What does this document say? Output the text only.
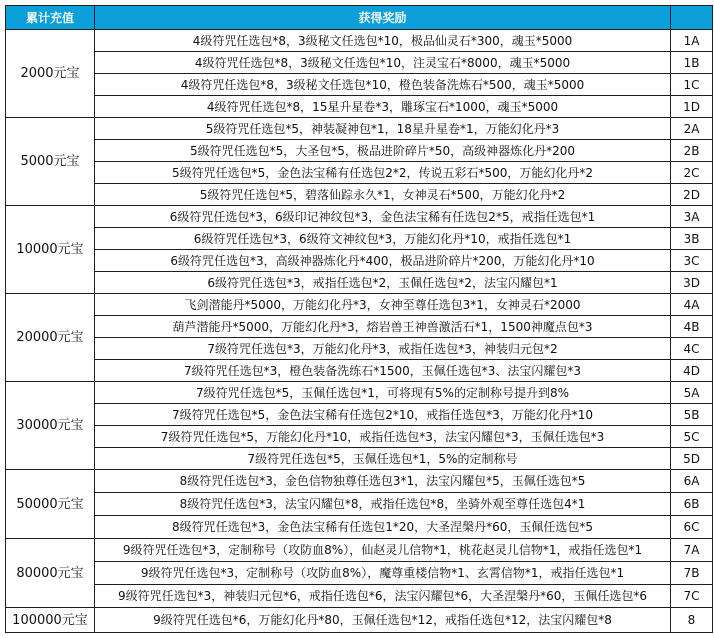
累计充值	获得奖励	
2000元宝	4级符咒任选包*8，3级秘文任选包*10，极品仙灵石*300，魂玉*5000	1A
	4级符咒任选包*8，3级秘文任选包*10，注灵宝石*8000，魂玉*5000	1B
	4级符咒任选包*8，3级秘文任选包*10，橙色装备洗炼石*500，魂玉*5000	1C
	4级符咒任选包*8，15星升星卷*3，雕琢宝石*1000，魂玉*5000	1D
5000元宝	5级符咒任选包*5，神装凝神包*1，18星升星卷*1，万能幻化丹*3	2A
	5级符咒任选包*5，大圣包*5，极品进阶碎片*50，高级神器炼化丹*200	2B
	5级符咒任选包*5，金色法宝稀有任选包2*2，传说五彩石*500，万能幻化丹*2	2C
	5级符咒任选包*5，碧落仙踪永久*1，女神灵石*500，万能幻化丹*2	2D
10000元宝	6级符咒任选包*3，6级印记神纹包*3，金色法宝稀有任选包2*5，戒指任选包*1	3A
	6级符咒任选包*3，6级符文神纹包*3，万能幻化丹*10，戒指任选包*1	3B
	6级符咒任选包*3，高级神器炼化丹*400，极品进阶碎片*200，万能幻化丹*10	3C
	6级符咒任选包*3，戒指任选包*2，玉佩任选包*2，法宝闪耀包*1	3D
20000元宝	飞剑潜能丹*5000，万能幻化丹*3，女神至尊任选包3*1，女神灵石*2000	4A
	葫芦潜能丹*5000，万能幻化丹*3，熔岩兽王神兽激活石*1，1500神魔点包*3	4B
	7级符咒任选包*3，万能幻化丹*3，戒指任选包*3，神装归元包*2	4C
	7级符咒任选包*3，橙色装备洗练石*1500，玉佩任选包*3、法宝闪耀包*3	4D
30000元宝	7级符咒任选包*5，玉佩任选包*1，可将现有5%的定制称号提升到8%	5A
	7级符咒任选包*5，金色法宝稀有任选包2*10，戒指任选包*3，万能幻化丹*10	5B
	7级符咒任选包*5，万能幻化丹*10，戒指任选包*3，法宝闪耀包*3，玉佩任选包*3	5C
	7级符咒任选包*5，玉佩任选包*1，5%的定制称号	5D
50000元宝	8级符咒任选包*3，金色信物独尊任选包3*1，法宝闪耀包*5，玉佩任选包*5	6A
	8级符咒任选包*3，法宝闪耀包*8，戒指任选包*8，坐骑外观至尊任选包4*1	6B
	8级符咒任选包*3，金色法宝稀有任选包1*20，大圣涅槃丹*60，玉佩任选包*5	6C
80000元宝	9级符咒任选包*3，定制称号（攻防血8%），仙赵灵儿信物*1，桃花赵灵儿信物*1，戒指任选包*1	7A
	9级符咒任选包*3，定制称号（攻防血8%），魔尊重楼信物*1、玄霄信物*1，戒指任选包*1	7B
	9级符咒任选包*3，神装归元包*6，戒指任选包*6，法宝闪耀包*6，大圣涅槃丹*60，玉佩任选包*6	7C
100000元宝	9级符咒任选包*6，万能幻化丹*80，玉佩任选包*12，戒指任选包*12，法宝闪耀包*8	8
